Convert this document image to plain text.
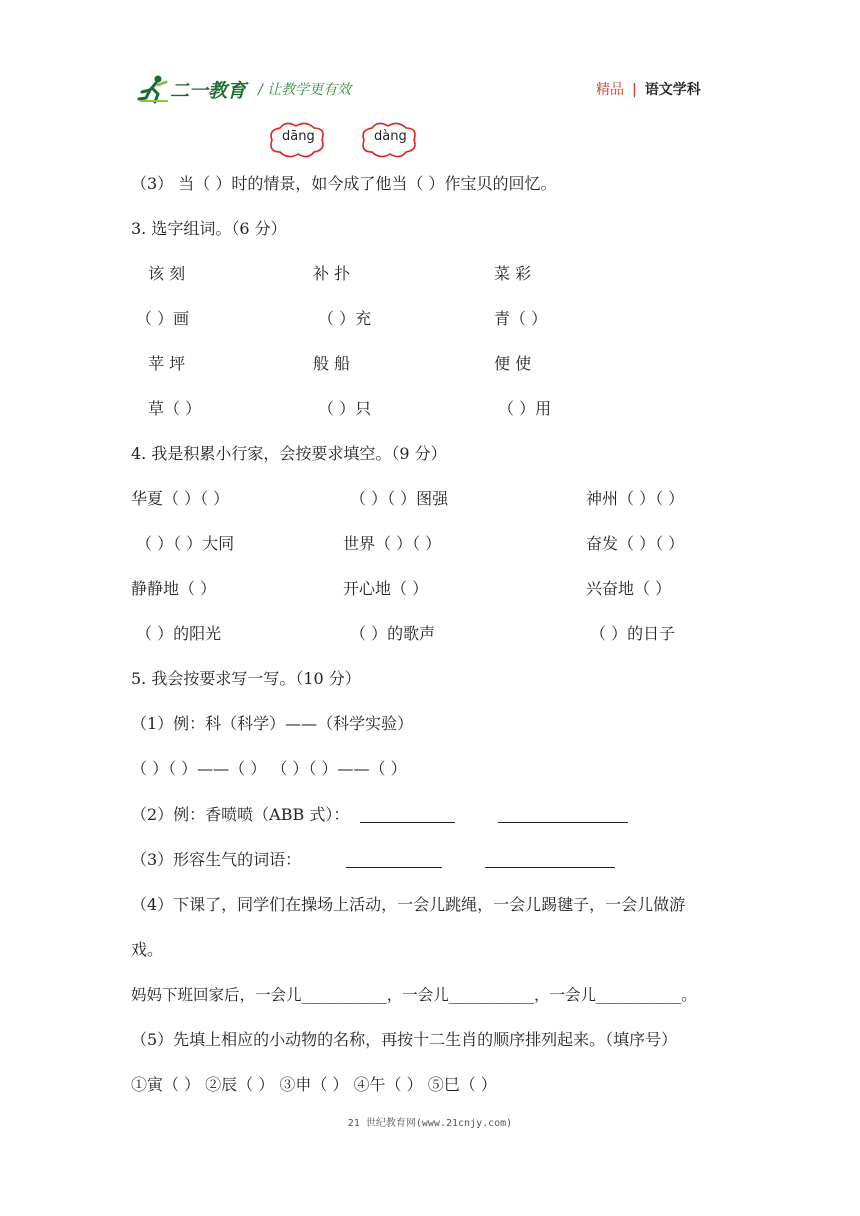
二一教育 / 让教学更有效	精品 | 语文学科
dāng	dàng
（3） 当（ ）时的情景，如今成了他当（ ）作宝贝的回忆。
3. 选字组词。（6 分）
该 刻	补 扑	菜 彩
（ ）画	（ ）充	青（ ）
苹 坪	般 船	便 使
草（ ）	（ ）只	（ ）用
4. 我是积累小行家，会按要求填空。（9 分）
华夏（ ）（ ）	（ ）（ ）图强	神州（ ）（ ）
（ ）（ ）大同	世界（ ）（ ）	奋发（ ）（ ）
静静地（ ）	开心地（ ）	兴奋地（ ）
（ ）的阳光	（ ）的歌声	（ ）的日子
5. 我会按要求写一写。（10 分）
（1）例：科（科学）——（科学实验）
（ ）（ ）——（ ） （ ）（ ）——（ ）
（2）例：香喷喷（ABB 式）：
（3）形容生气的词语：
（4）下课了，同学们在操场上活动，一会儿跳绳，一会儿踢毽子，一会儿做游
戏。
妈妈下班回家后，一会儿___________，一会儿___________，一会儿___________。
（5）先填上相应的小动物的名称，再按十二生肖的顺序排列起来。（填序号）
①寅（ ） ②辰（ ） ③申（ ） ④午（ ） ⑤巳（ ）
21 世纪教育网(www.21cnjy.com)
